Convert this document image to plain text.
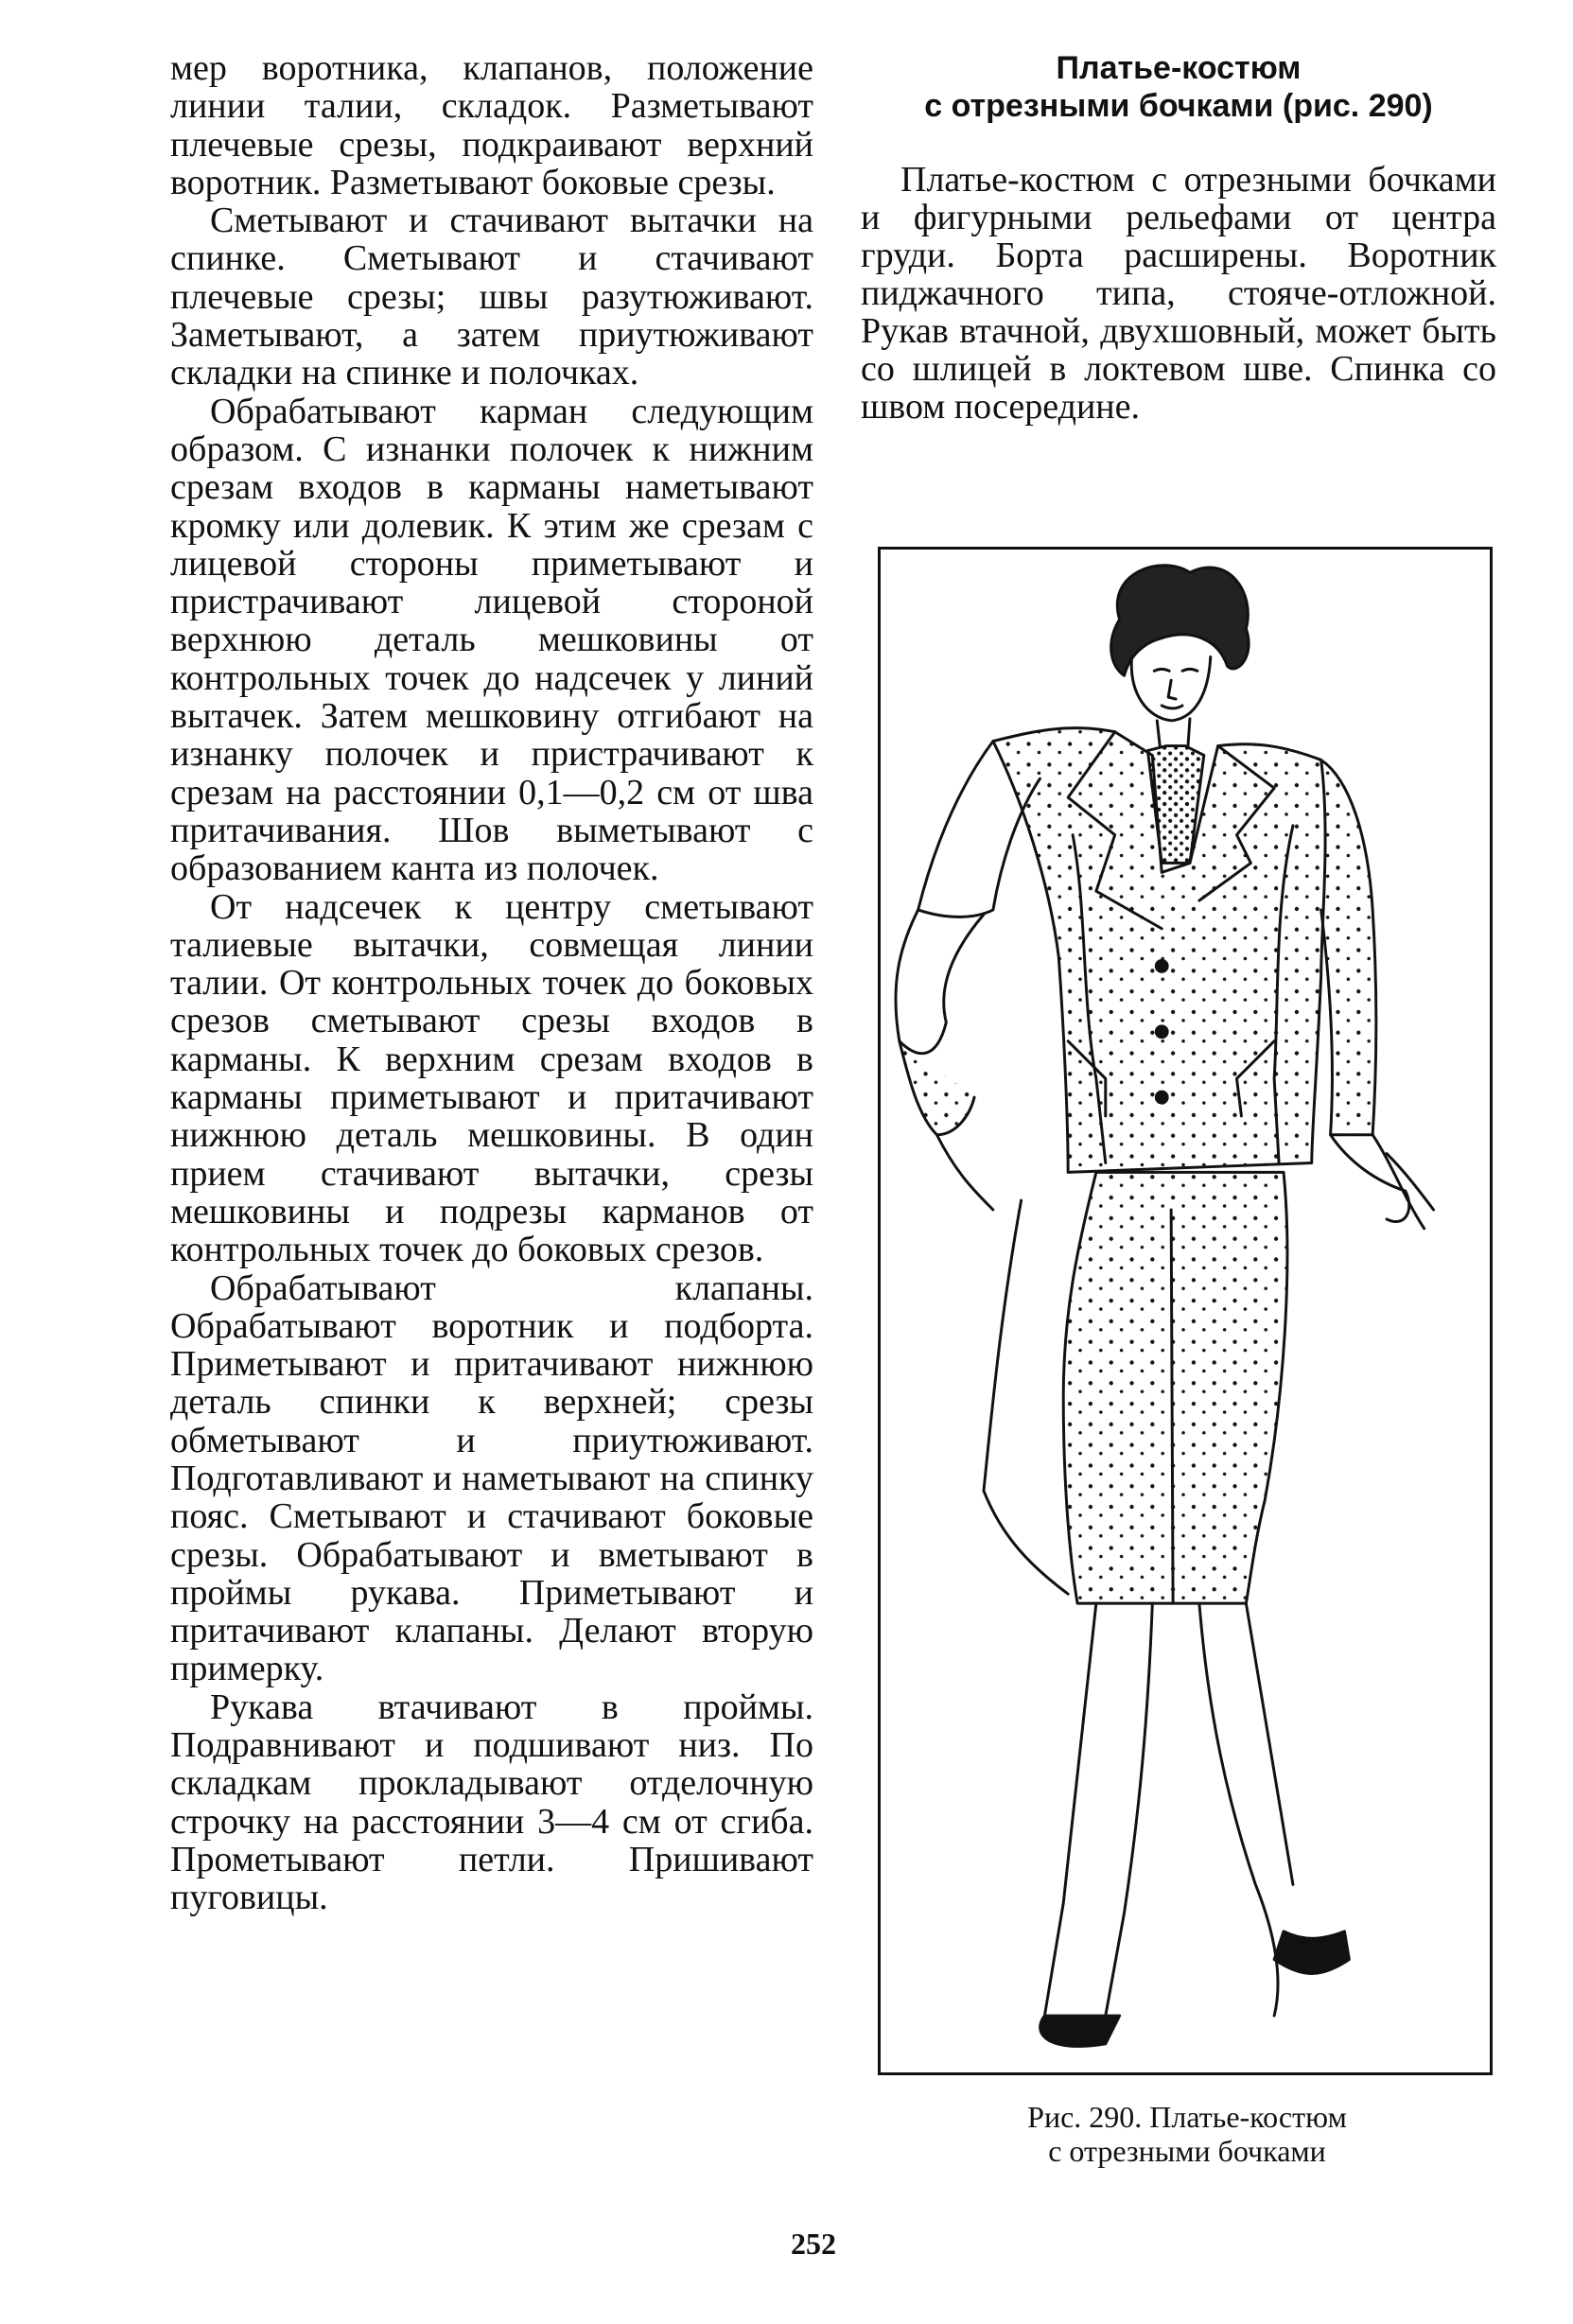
мер воротника, клапанов, положение линии талии, складок. Разметывают плечевые срезы, подкраивают верхний воротник. Разметывают боковые срезы.

Сметывают и стачивают вытачки на спинке. Сметывают и стачивают плечевые срезы; швы разутюживают. Заметывают, а затем приутюживают складки на спинке и полочках.

Обрабатывают карман следующим образом. С изнанки полочек к нижним срезам входов в карманы наметывают кромку или долевик. К этим же срезам с лицевой стороны приметывают и пристрачивают лицевой стороной верхнюю деталь мешковины от контрольных точек до надсечек у линий вытачек. Затем мешковину отгибают на изнанку полочек и пристрачивают к срезам на расстоянии 0,1—0,2 см от шва притачивания. Шов выметывают с образованием канта из полочек.

От надсечек к центру сметывают талиевые вытачки, совмещая линии талии. От контрольных точек до боковых срезов сметывают срезы входов в карманы. К верхним срезам входов в карманы приметывают и притачивают нижнюю деталь мешковины. В один прием стачивают вытачки, срезы мешковины и подрезы карманов от контрольных точек до боковых срезов.

Обрабатывают клапаны. Обрабатывают воротник и подборта. Приметывают и притачивают нижнюю деталь спинки к верхней; срезы обметывают и приутюживают. Подготавливают и наметывают на спинку пояс. Сметывают и стачивают боковые срезы. Обрабатывают и вметывают в проймы рукава. Приметывают и притачивают клапаны. Делают вторую примерку.

Рукава втачивают в проймы. Подравнивают и подшивают низ. По складкам прокладывают отделочную строчку на расстоянии 3—4 см от сгиба. Прометывают петли. Пришивают пуговицы.

Платье-костюм
с отрезными бочками (рис. 290)

Платье-костюм с отрезными бочками и фигурными рельефами от центра груди. Борта расширены. Воротник пиджачного типа, стояче-отложной. Рукав втачной, двухшовный, может быть со шлицей в локтевом шве. Спинка со швом посередине.

Рис. 290. Платье-костюм
с отрезными бочками
252
